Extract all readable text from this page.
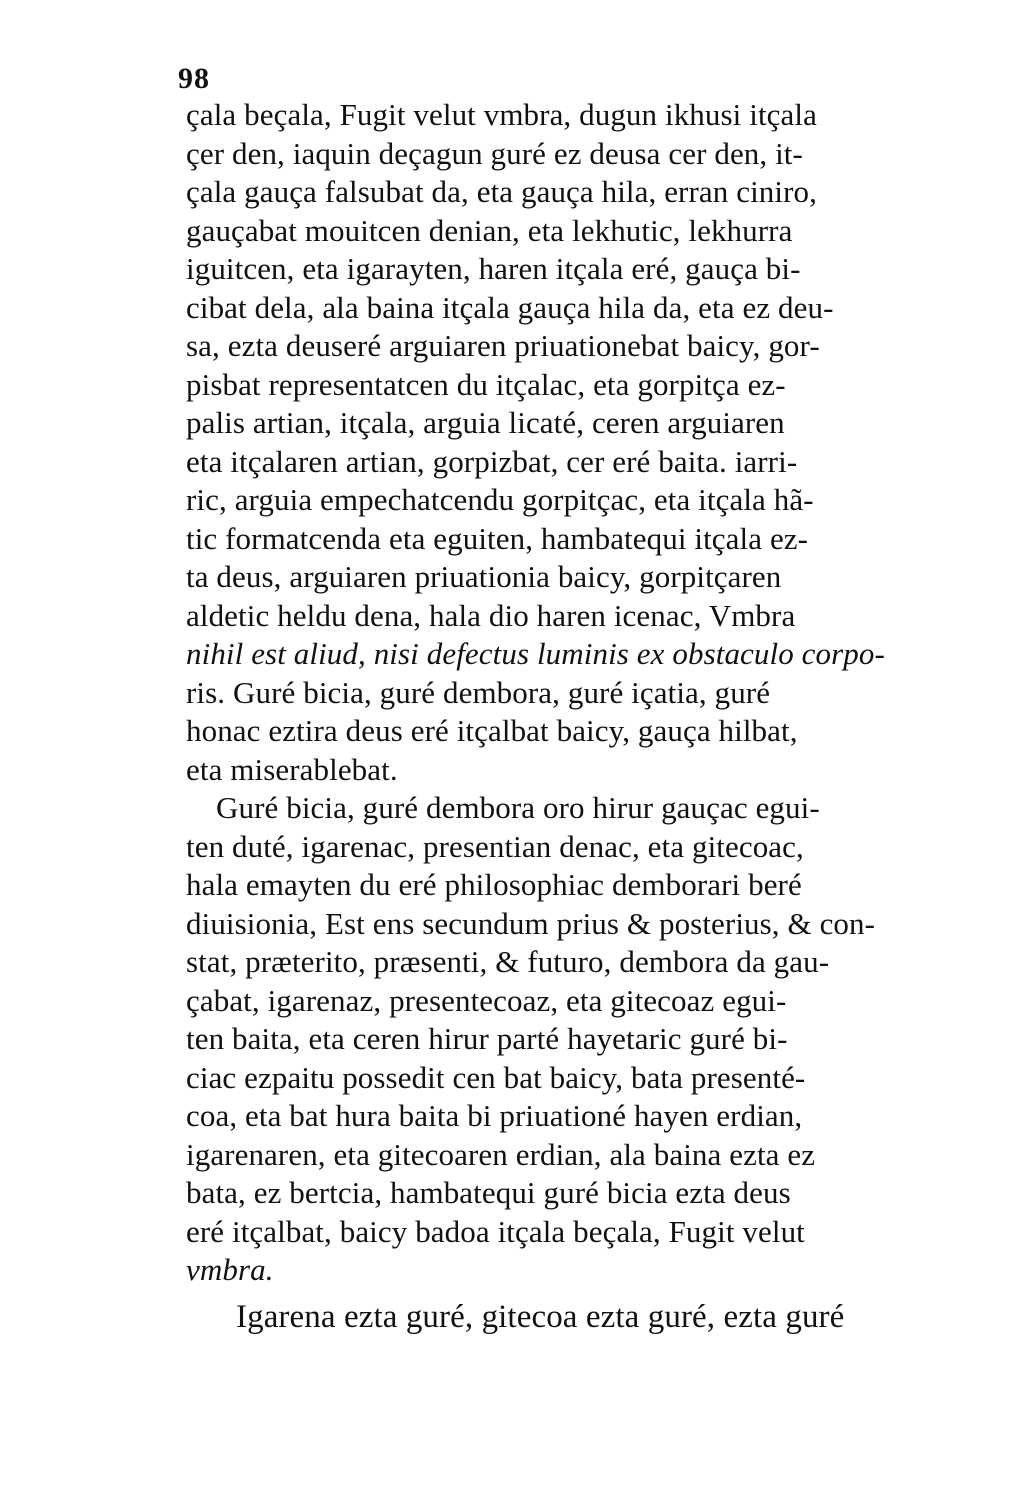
98
çala beçala, Fugit velut vmbra, dugun ikhusi itçala
çer den, iaquin deçagun guré ez deusa cer den, it-
çala gauça falsubat da, eta gauça hila, erran ciniro,
gauçabat mouitcen denian, eta lekhutic, lekhurra
iguitcen, eta igarayten, haren itçala eré, gauça bi-
cibat dela, ala baina itçala gauça hila da, eta ez deu-
sa, ezta deuseré arguiaren priuationebat baicy, gor-
pisbat representatcen du itçalac, eta gorpitça ez-
palis artian, itçala, arguia licaté, ceren arguiaren
eta itçalaren artian, gorpizbat, cer eré baita. iarri-
ric, arguia empechatcendu gorpitçac, eta itçala hã-
tic formatcenda eta eguiten, hambatequi itçala ez-
ta deus, arguiaren priuationia baicy, gorpitçaren
aldetic heldu dena, hala dio haren icenac, Vmbra
nihil est aliud, nisi defectus luminis ex obstaculo corpo-
ris. Guré bicia, guré dembora, guré içatia, guré
honac eztira deus eré itçalbat baicy, gauça hilbat,
eta miserablebat.
Guré bicia, guré dembora oro hirur gauçac egui-
ten duté, igarenac, presentian denac, eta gitecoac,
hala emayten du eré philosophiac demborari beré
diuisionia, Est ens secundum prius & posterius, & con-
stat, præterito, præsenti, & futuro, dembora da gau-
çabat, igarenaz, presentecoaz, eta gitecoaz egui-
ten baita, eta ceren hirur parté hayetaric guré bi-
ciac ezpaitu possedit cen bat baicy, bata presenté-
coa, eta bat hura baita bi priuationé hayen erdian,
igarenaren, eta gitecoaren erdian, ala baina ezta ez
bata, ez bertcia, hambatequi guré bicia ezta deus
eré itçalbat, baicy badoa itçala beçala, Fugit velut
vmbra.
Igarena ezta guré, gitecoa ezta guré, ezta guré
